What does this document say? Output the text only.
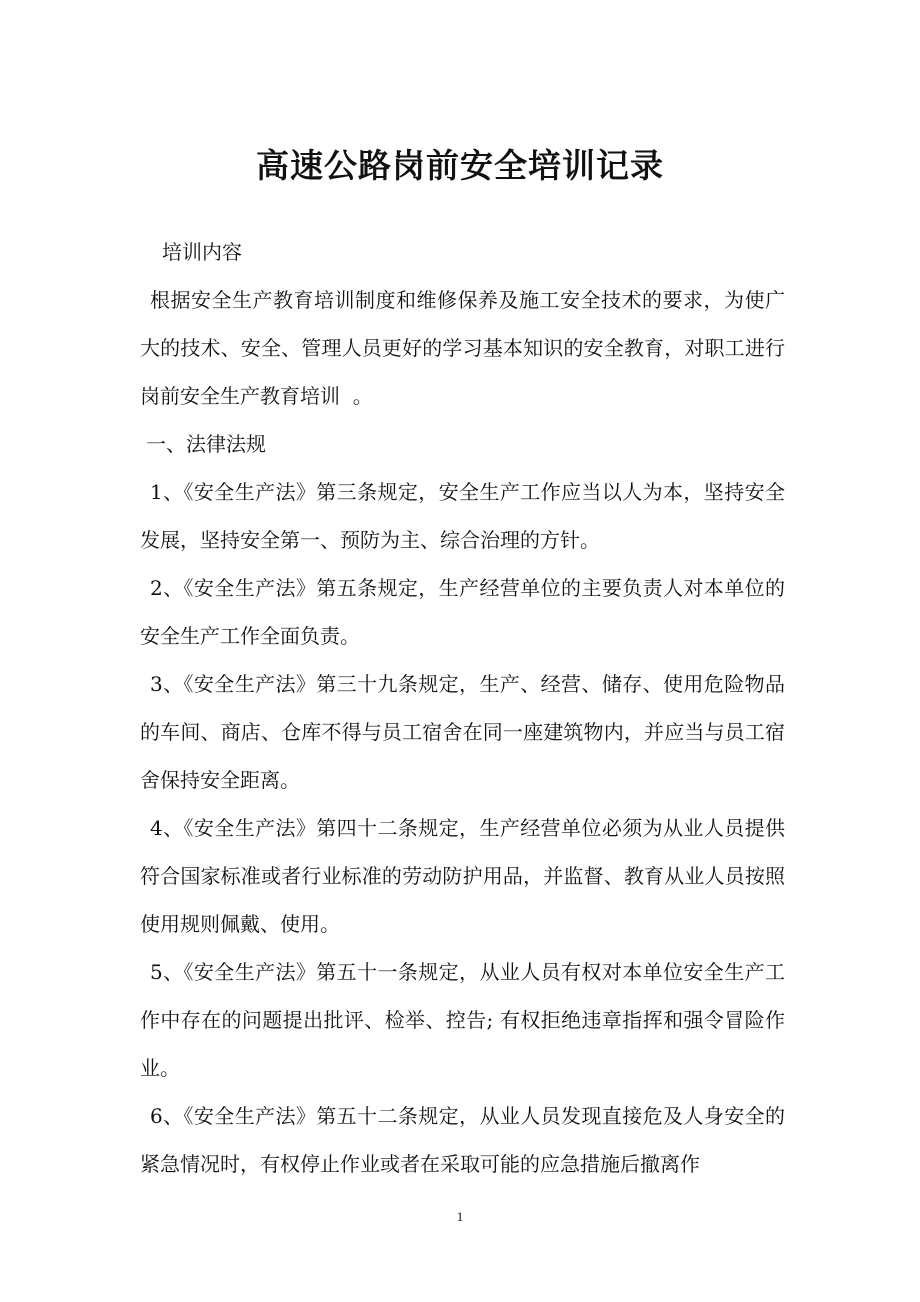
高速公路岗前安全培训记录

培训内容

根据安全生产教育培训制度和维修保养及施工安全技术的要求，为使广大的技术、安全、管理人员更好的学习基本知识的安全教育，对职工进行  岗前安全生产教育培训  。

一、法律法规

1、《安全生产法》第三条规定，安全生产工作应当以人为本，坚持安全发展，坚持安全第一、预防为主、综合治理的方针。

2、《安全生产法》第五条规定，生产经营单位的主要负责人对本单位的安全生产工作全面负责。

3、《安全生产法》第三十九条规定，生产、经营、储存、使用危险物品的车间、商店、仓库不得与员工宿舍在同一座建筑物内，并应当与员工宿舍保持安全距离。

4、《安全生产法》第四十二条规定，生产经营单位必须为从业人员提供符合国家标准或者行业标准的劳动防护用品，并监督、教育从业人员按照使用规则佩戴、使用。

5、《安全生产法》第五十一条规定，从业人员有权对本单位安全生产工作中存在的问题提出批评、检举、控告; 有权拒绝违章指挥和强令冒险作业。

6、《安全生产法》第五十二条规定，从业人员发现直接危及人身安全的紧急情况时，有权停止作业或者在采取可能的应急措施后撤离作

1
